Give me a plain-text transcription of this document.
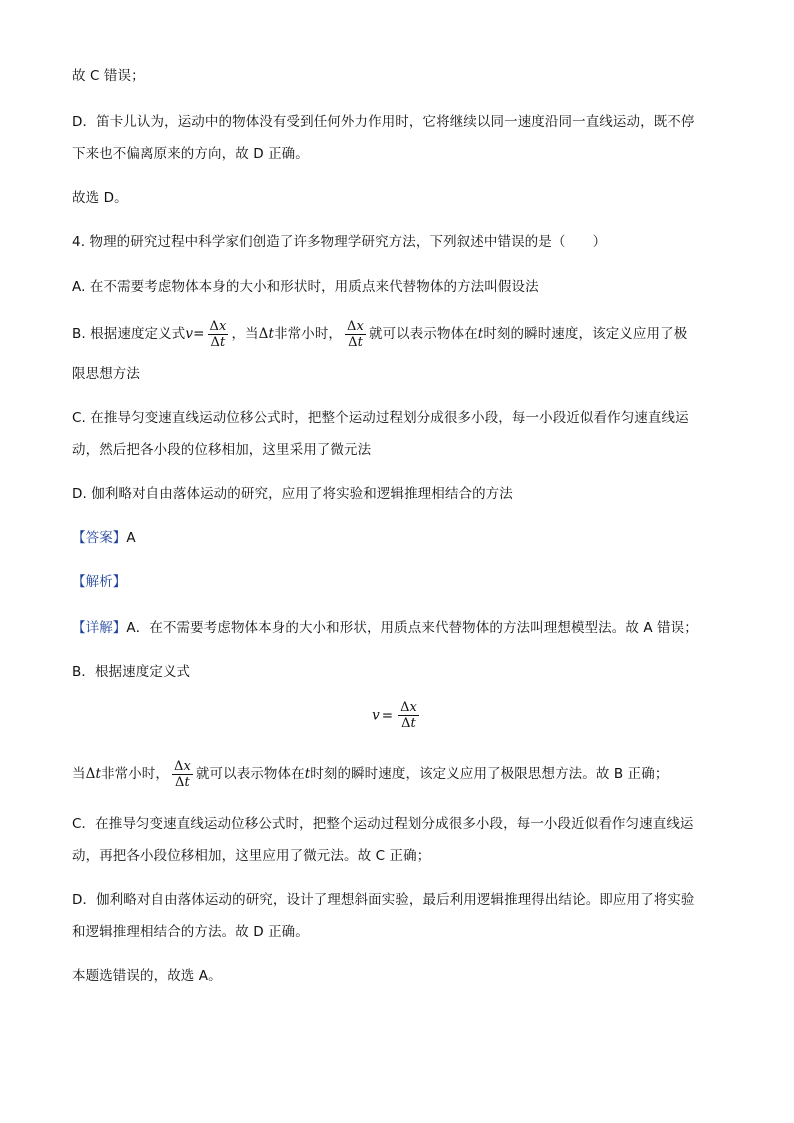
故 C 错误；
D．笛卡儿认为，运动中的物体没有受到任何外力作用时，它将继续以同一速度沿同一直线运动，既不停
下来也不偏离原来的方向，故 D 正确。
故选 D。
4. 物理的研究过程中科学家们创造了许多物理学研究方法，下列叙述中错误的是（　　）
A. 在不需要考虑物体本身的大小和形状时，用质点来代替物体的方法叫假设法
B. 根据速度定义式$v= \frac{\Delta x}{\Delta t}$ ，当Δt非常小时， $\frac{\Delta x}{\Delta t}$ 就可以表示物体在t时刻的瞬时速度，该定义应用了极
限思想方法
C. 在推导匀变速直线运动位移公式时，把整个运动过程划分成很多小段，每一小段近似看作匀速直线运
动，然后把各小段的位移相加，这里采用了微元法
D. 伽利略对自由落体运动的研究，应用了将实验和逻辑推理相结合的方法
【答案】A
【解析】
【详解】A．在不需要考虑物体本身的大小和形状，用质点来代替物体的方法叫理想模型法。故 A 错误；
B．根据速度定义式
$v = \frac{\Delta x}{\Delta t}$
当Δt非常小时， $\frac{\Delta x}{\Delta t}$ 就可以表示物体在t时刻的瞬时速度，该定义应用了极限思想方法。故 B 正确；
C．在推导匀变速直线运动位移公式时，把整个运动过程划分成很多小段，每一小段近似看作匀速直线运
动，再把各小段位移相加，这里应用了微元法。故 C 正确；
D．伽利略对自由落体运动的研究，设计了理想斜面实验，最后利用逻辑推理得出结论。即应用了将实验
和逻辑推理相结合的方法。故 D 正确。
本题选错误的，故选 A。
